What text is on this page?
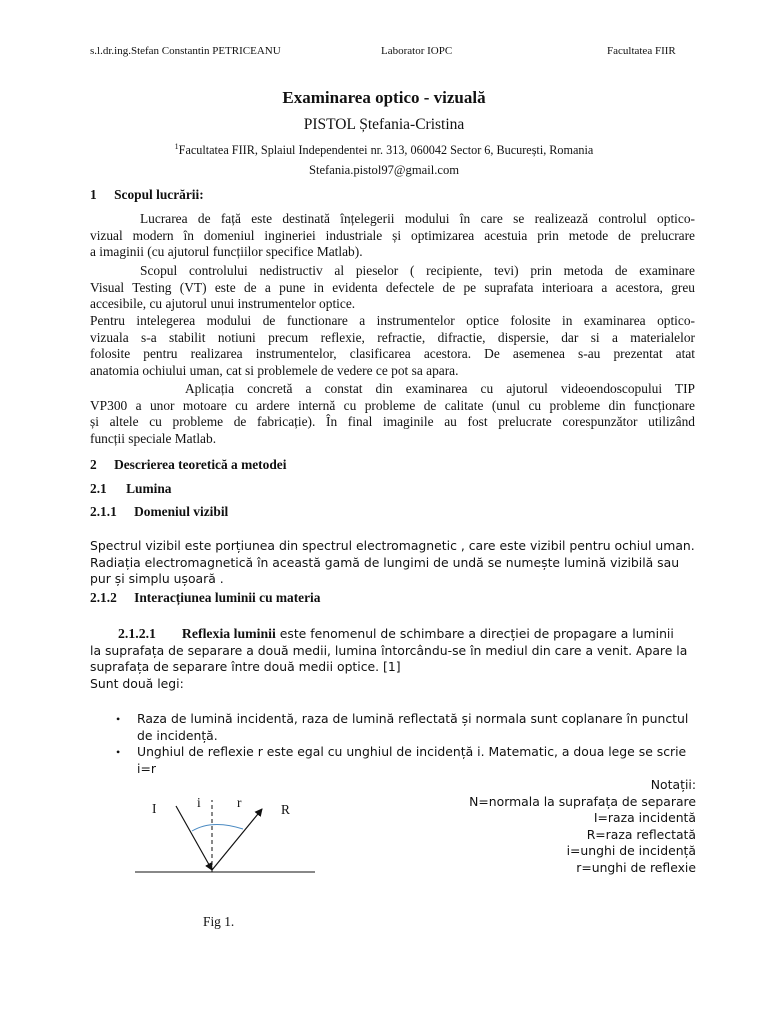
s.l.dr.ing.Stefan Constantin PETRICEANU	Laborator IOPC	Facultatea FIIR
Examinarea optico - vizuală
PISTOL Ștefania-Cristina
$^1$Facultatea FIIR, Splaiul Independentei nr. 313, 060042 Sector 6, București, Romania
Stefania.pistol97@gmail.com
1 Scopul lucrării:
Lucrarea de față este destinată înțelegerii modului în care se realizează controlul optico-
vizual modern în domeniul ingineriei industriale și optimizarea acestuia prin metode de prelucrare
a imaginii (cu ajutorul funcțiilor specifice Matlab).
Scopul controlului nedistructiv al pieselor ( recipiente, tevi) prin metoda de examinare
Visual Testing (VT) este de a pune in evidenta defectele de pe suprafata interioara a acestora, greu
accesibile, cu ajutorul unui instrumentelor optice.
Pentru intelegerea modului de functionare a instrumentelor optice folosite in examinarea optico-
vizuala s-a stabilit notiuni precum reflexie, refractie, difractie, dispersie, dar si a materialelor
folosite pentru realizarea instrumentelor, clasificarea acestora. De asemenea s-au prezentat atat
anatomia ochiului uman, cat si problemele de vedere ce pot sa apara.
Aplicația concretă a constat din examinarea cu ajutorul videoendoscopului TIP
VP300 a unor motoare cu ardere internă cu probleme de calitate (unul cu probleme din funcționare
și altele cu probleme de fabricație). În final imaginile au fost prelucrate corespunzător utilizând
funcții speciale Matlab.
2 Descrierea teoretică a metodei
2.1 Lumina
2.1.1 Domeniul vizibil
Spectrul vizibil este porțiunea din spectrul electromagnetic , care este vizibil pentru ochiul uman.
Radiația electromagnetică în această gamă de lungimi de undă se numește lumină vizibilă sau
pur și simplu ușoară .
2.1.2 Interacțiunea luminii cu materia
2.1.2.1 Reflexia luminii este fenomenul de schimbare a direcției de propagare a luminii
la suprafața de separare a două medii, lumina întorcându-se în mediul din care a venit. Apare la
suprafața de separare între două medii optice. [1]
Sunt două legi:
• Raza de lumină incidentă, raza de lumină reflectată și normala sunt coplanare în punctul
de incidență.
• Unghiul de reflexie r este egal cu unghiul de incidență i. Matematic, a doua lege se scrie
i=r
Notații:
N=normala la suprafața de separare
I=raza incidentă
R=raza reflectată
i=unghi de incidență
r=unghi de reflexie
I	i	r	R
Fig 1.
